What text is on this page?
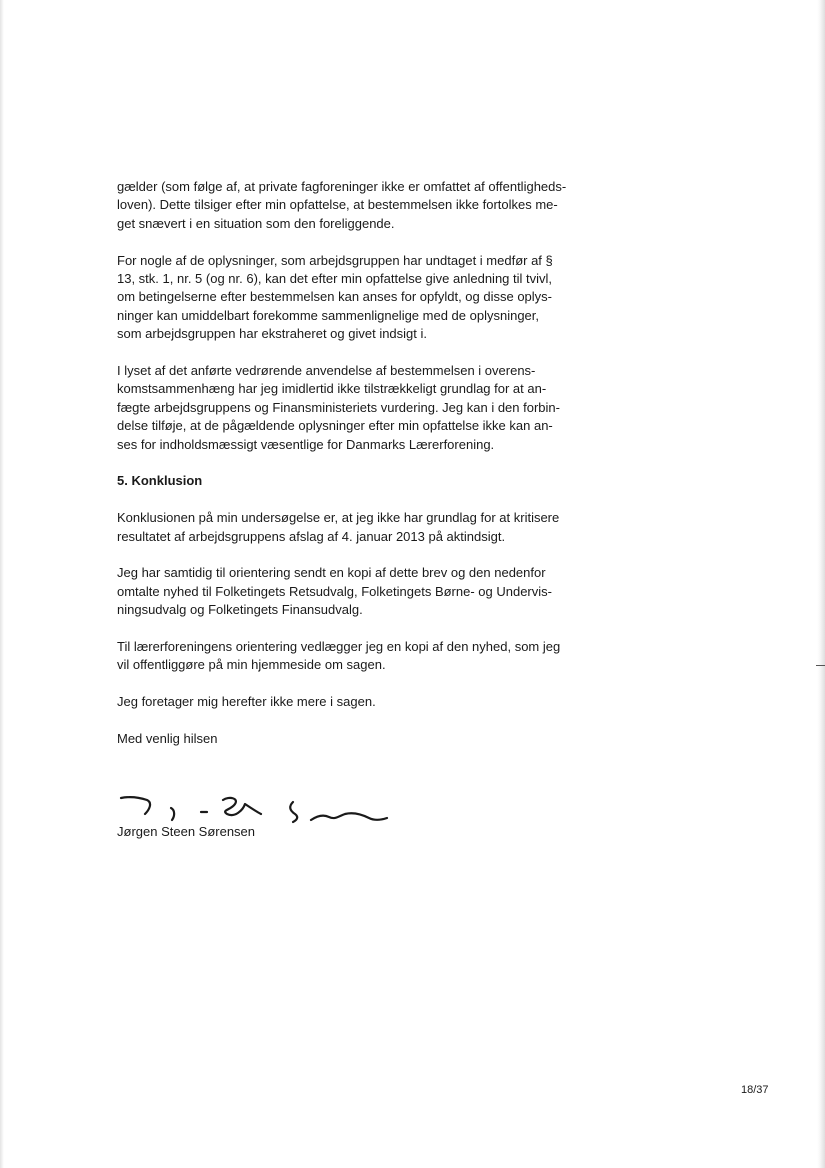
gælder (som følge af, at private fagforeninger ikke er omfattet af offentligheds-
loven). Dette tilsiger efter min opfattelse, at bestemmelsen ikke fortolkes me-
get snævert i en situation som den foreliggende.

For nogle af de oplysninger, som arbejdsgruppen har undtaget i medfør af §
13, stk. 1, nr. 5 (og nr. 6), kan det efter min opfattelse give anledning til tvivl,
om betingelserne efter bestemmelsen kan anses for opfyldt, og disse oplys-
ninger kan umiddelbart forekomme sammenlignelige med de oplysninger,
som arbejdsgruppen har ekstraheret og givet indsigt i.

I lyset af det anførte vedrørende anvendelse af bestemmelsen i overens-
komstsammenhæng har jeg imidlertid ikke tilstrækkeligt grundlag for at an-
fægte arbejdsgruppens og Finansministeriets vurdering. Jeg kan i den forbin-
delse tilføje, at de pågældende oplysninger efter min opfattelse ikke kan an-
ses for indholdsmæssigt væsentlige for Danmarks Lærerforening.

5. Konklusion

Konklusionen på min undersøgelse er, at jeg ikke har grundlag for at kritisere
resultatet af arbejdsgruppens afslag af 4. januar 2013 på aktindsigt.

Jeg har samtidig til orientering sendt en kopi af dette brev og den nedenfor
omtalte nyhed til Folketingets Retsudvalg, Folketingets Børne- og Undervis-
ningsudvalg og Folketingets Finansudvalg.

Til lærerforeningens orientering vedlægger jeg en kopi af den nyhed, som jeg
vil offentliggøre på min hjemmeside om sagen.

Jeg foretager mig herefter ikke mere i sagen.

Med venlig hilsen

Jørgen Steen Sørensen
18/37
